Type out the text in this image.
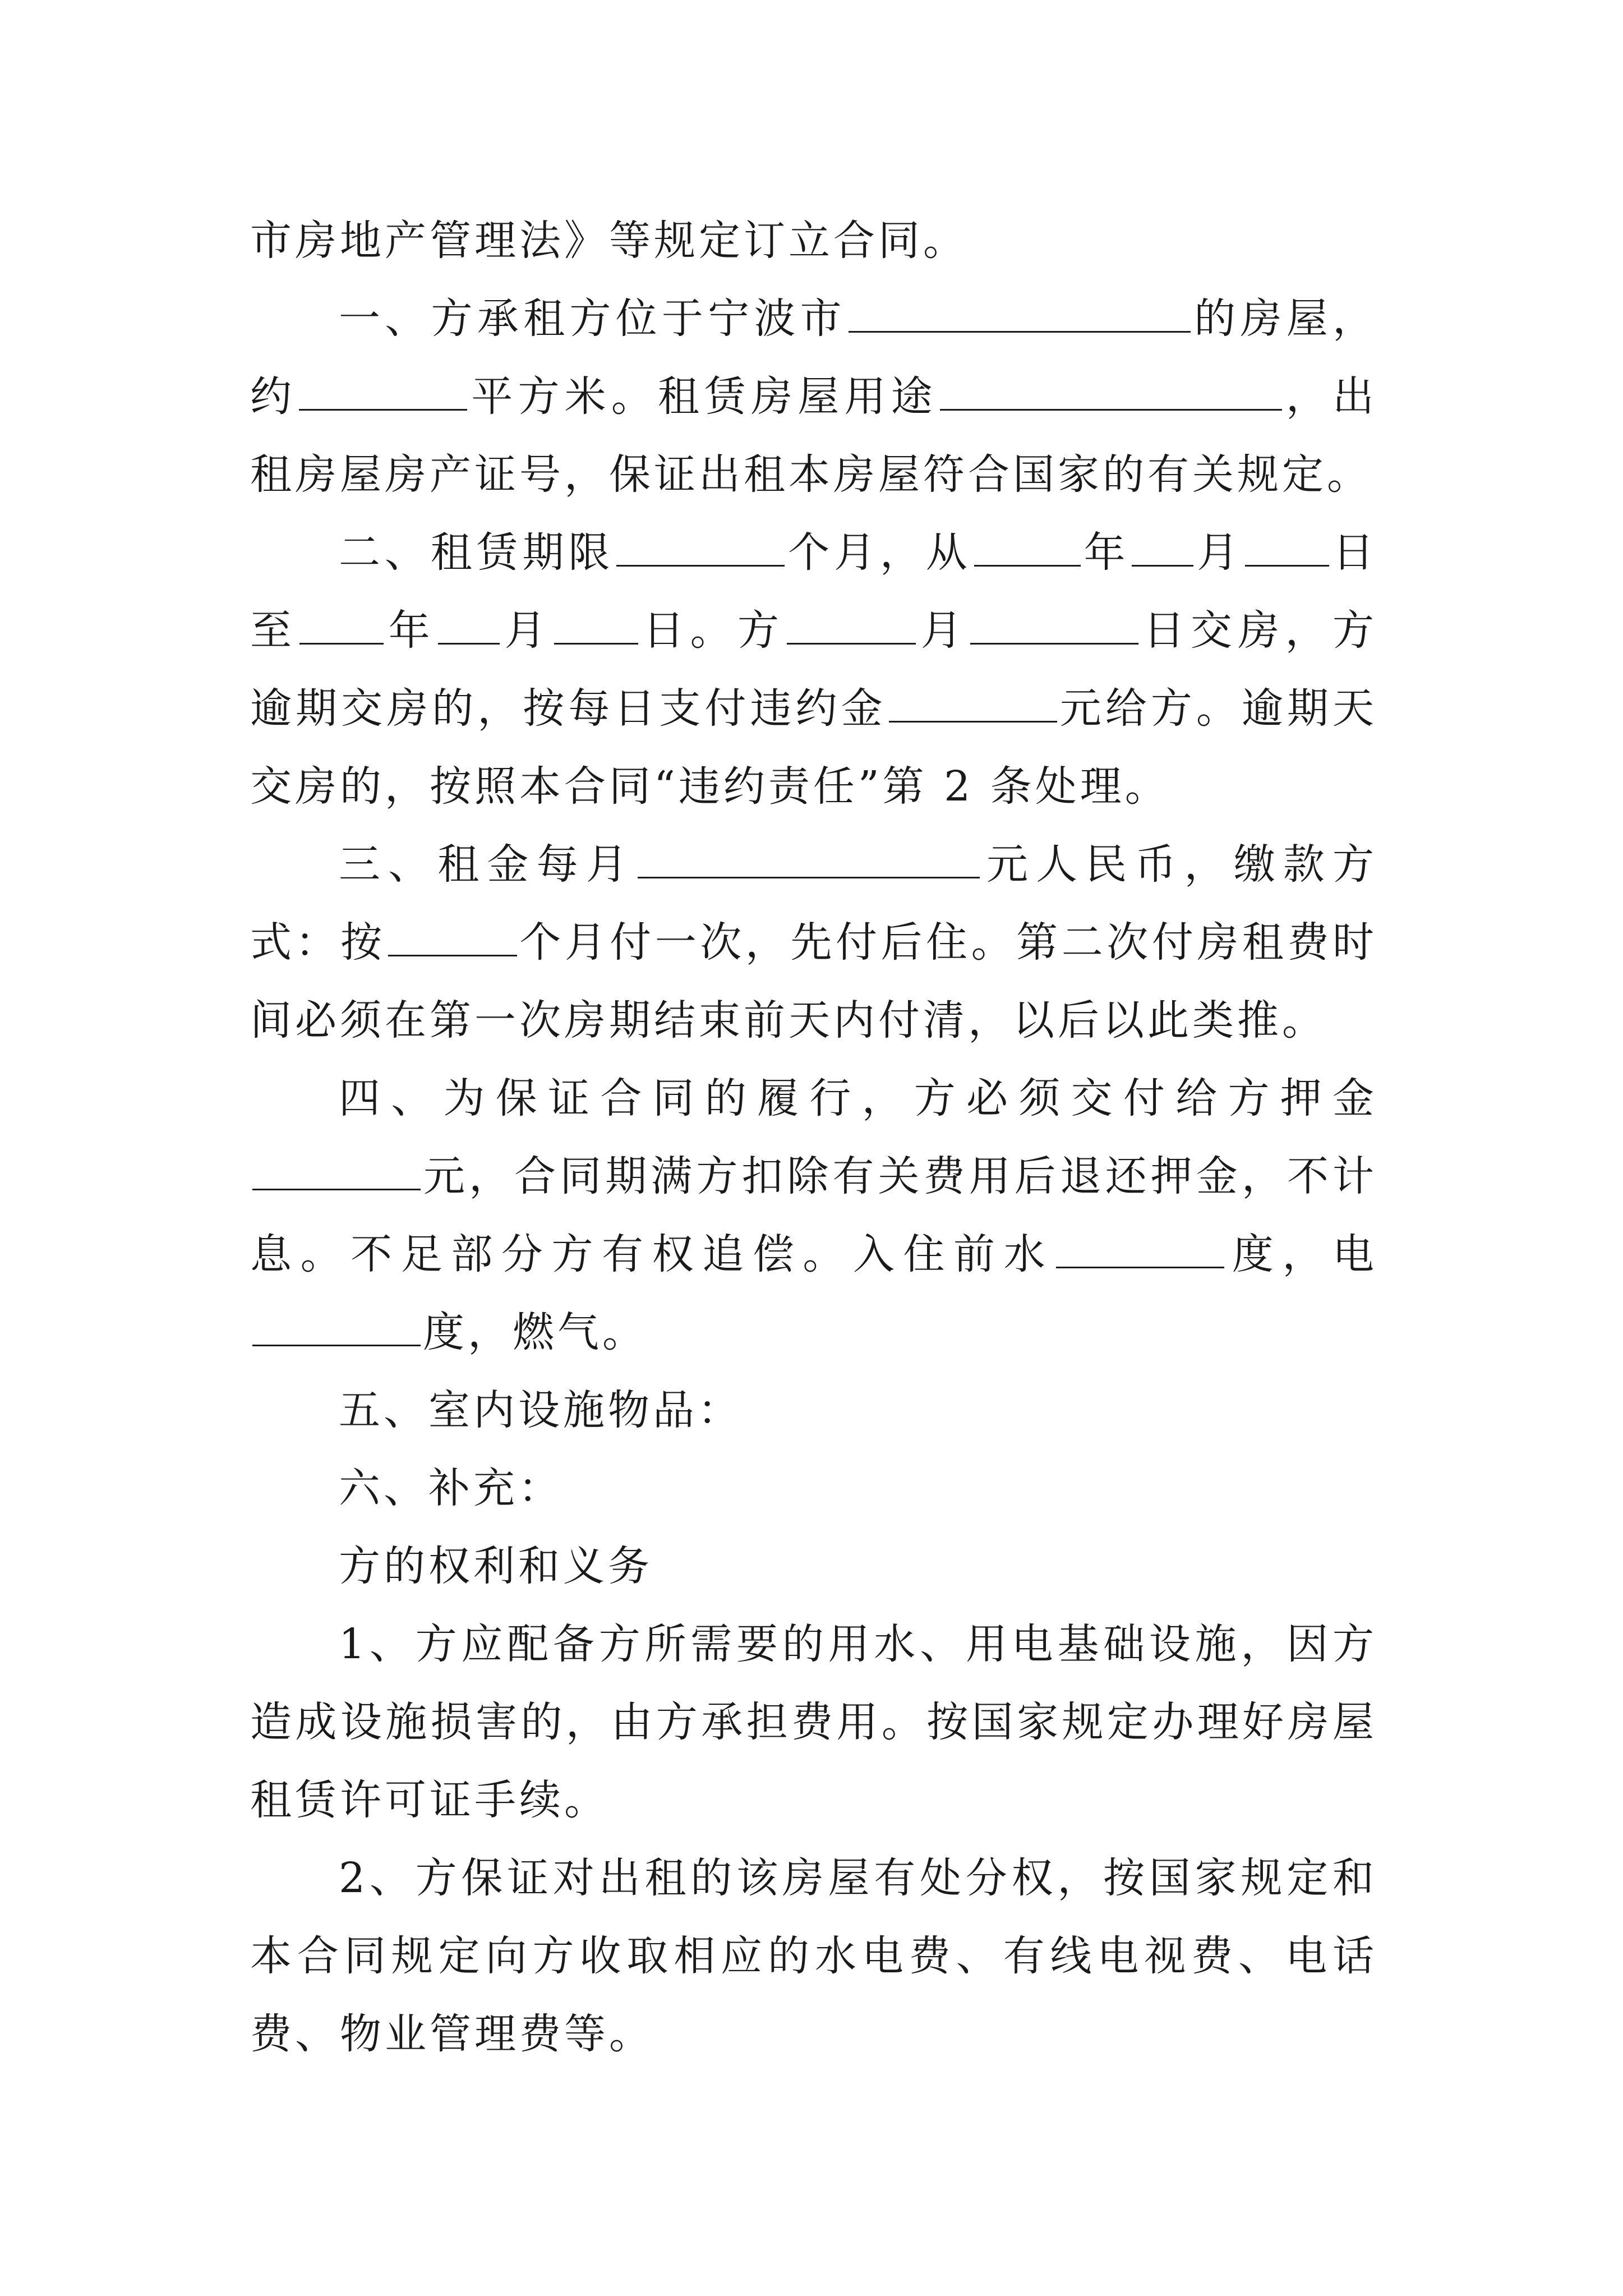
市房地产管理法》等规定订立合同。

一、方承租方位于宁波市	的房屋，约	平方米。租赁房屋用途	，出租房屋房产证号，保证出租本房屋符合国家的有关规定。

二、租赁期限	个月，从	年 月 日至 年 月 日。方	月	日交房，方逾期交房的，按每日支付违约金	元给方。逾期天交房的，按照本合同“违约责任”第 2 条处理。

三、租金每月	元人民币，缴款方式：按	个月付一次，先付后住。第二次付房租费时间必须在第一次房期结束前天内付清，以后以此类推。

四、为保证合同的履行，方必须交付给方押金元，合同期满方扣除有关费用后退还押金，不计息。不足部分方有权追偿。入住前水	度，电度，燃气。

五、室内设施物品：

六、补充：

方的权利和义务

1、方应配备方所需要的用水、用电基础设施，因方造成设施损害的，由方承担费用。按国家规定办理好房屋租赁许可证手续。

2、方保证对出租的该房屋有处分权，按国家规定和本合同规定向方收取相应的水电费、有线电视费、电话费、物业管理费等。
